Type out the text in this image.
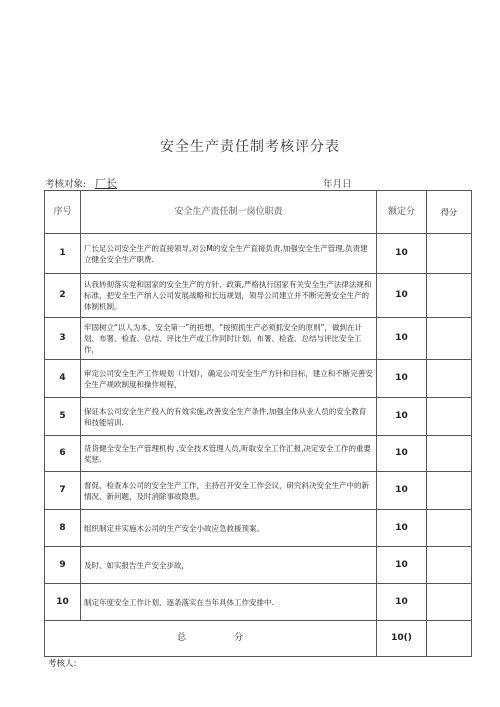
安全生产责任制考核评分表
考核对象: 厂长	年月日
序号	安全生产责任制一岗位职责	额定分	得分
1	厂长足公司安全生产的直接领导,对公M的安全生产直接负责.加强安全生产管理,负责建立健全安全生产职费.	10	
2	认我转彻落实党和国家的安全生产的方针、政策,严格执行国家有关安全生产法律法规和标准，把安全生产纳入公司发展战略和长远规划，领导公司建立并不断完善安全生产的体制机制。	10	
3	牢固树立“以人为本，安全第一”的担想，“按照抓生产必须抓安全的原则”，做到在计划、布署、检査、总结、评比生产或工作同时计划、布署、检査、总结与评比安全工作，	10	
4	审定公司安全生产工作规划（计划），确定公司安全生产方针和目标，建立和不断完善安全生产规欧制度和操作规程，	10	
5	保证本公司安全生产投入的有效实施,改善安全生产条件,加强全体从业人员的安全教育和技能培训.	10	
6	货货健全安全生产管理机构 ,安全技术管理人员,听取安全工作汇报,决定安全工作的重要奖惩.	10	
7	督促、检查本公司的安全生产工作，主持召开安全工作会议，研究斜决安全生产中的新情况、新问题，及时消除事故隐患。	10	
8	组织制定并实施木公司的生产安全小故应急救援预案。	10	
9	及时、如实报告生产安全步故，	10	
10	制定年度安全工作计划，逐条落实在当年具体工作安排中.	10	
总分		10()	
考核人:
